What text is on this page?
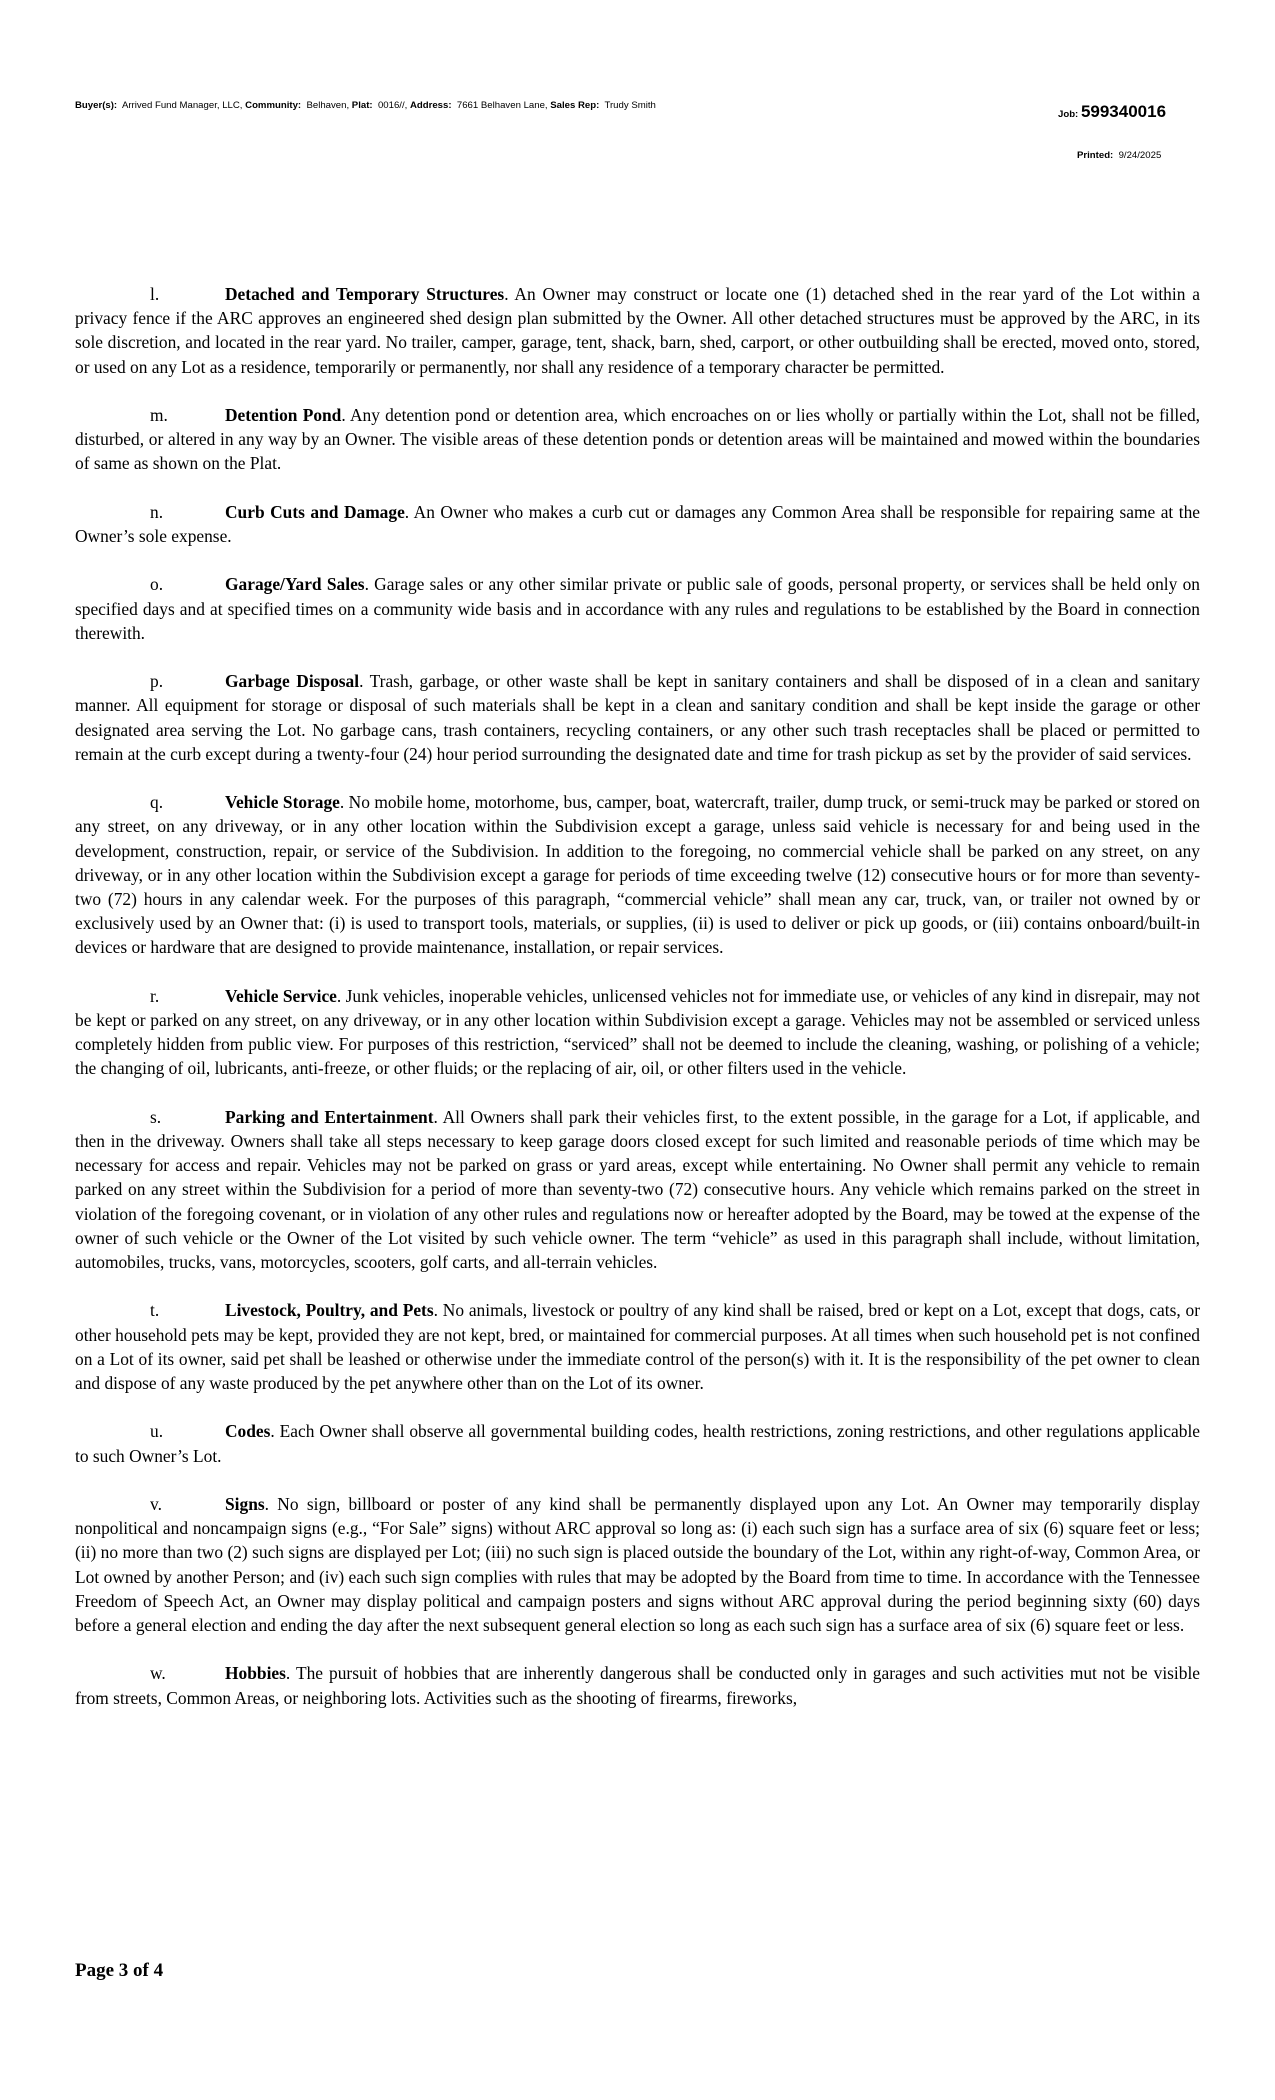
Buyer(s): Arrived Fund Manager, LLC, Community: Belhaven, Plat: 0016//, Address: 7661 Belhaven Lane, Sales Rep: Trudy Smith
Job: 599340016
Printed: 9/24/2025

l.	Detached and Temporary Structures. An Owner may construct or locate one (1) detached shed in the rear yard of the Lot within a privacy fence if the ARC approves an engineered shed design plan submitted by the Owner. All other detached structures must be approved by the ARC, in its sole discretion, and located in the rear yard. No trailer, camper, garage, tent, shack, barn, shed, carport, or other outbuilding shall be erected, moved onto, stored, or used on any Lot as a residence, temporarily or permanently, nor shall any residence of a temporary character be permitted.

m.	Detention Pond. Any detention pond or detention area, which encroaches on or lies wholly or partially within the Lot, shall not be filled, disturbed, or altered in any way by an Owner. The visible areas of these detention ponds or detention areas will be maintained and mowed within the boundaries of same as shown on the Plat.

n.	Curb Cuts and Damage. An Owner who makes a curb cut or damages any Common Area shall be responsible for repairing same at the Owner’s sole expense.

o.	Garage/Yard Sales. Garage sales or any other similar private or public sale of goods, personal property, or services shall be held only on specified days and at specified times on a community wide basis and in accordance with any rules and regulations to be established by the Board in connection therewith.

p.	Garbage Disposal. Trash, garbage, or other waste shall be kept in sanitary containers and shall be disposed of in a clean and sanitary manner. All equipment for storage or disposal of such materials shall be kept in a clean and sanitary condition and shall be kept inside the garage or other designated area serving the Lot. No garbage cans, trash containers, recycling containers, or any other such trash receptacles shall be placed or permitted to remain at the curb except during a twenty-four (24) hour period surrounding the designated date and time for trash pickup as set by the provider of said services.

q.	Vehicle Storage. No mobile home, motorhome, bus, camper, boat, watercraft, trailer, dump truck, or semi-truck may be parked or stored on any street, on any driveway, or in any other location within the Subdivision except a garage, unless said vehicle is necessary for and being used in the development, construction, repair, or service of the Subdivision. In addition to the foregoing, no commercial vehicle shall be parked on any street, on any driveway, or in any other location within the Subdivision except a garage for periods of time exceeding twelve (12) consecutive hours or for more than seventy-two (72) hours in any calendar week. For the purposes of this paragraph, “commercial vehicle” shall mean any car, truck, van, or trailer not owned by or exclusively used by an Owner that: (i) is used to transport tools, materials, or supplies, (ii) is used to deliver or pick up goods, or (iii) contains onboard/built-in devices or hardware that are designed to provide maintenance, installation, or repair services.

r.	Vehicle Service. Junk vehicles, inoperable vehicles, unlicensed vehicles not for immediate use, or vehicles of any kind in disrepair, may not be kept or parked on any street, on any driveway, or in any other location within Subdivision except a garage. Vehicles may not be assembled or serviced unless completely hidden from public view. For purposes of this restriction, “serviced” shall not be deemed to include the cleaning, washing, or polishing of a vehicle; the changing of oil, lubricants, anti-freeze, or other fluids; or the replacing of air, oil, or other filters used in the vehicle.

s.	Parking and Entertainment. All Owners shall park their vehicles first, to the extent possible, in the garage for a Lot, if applicable, and then in the driveway. Owners shall take all steps necessary to keep garage doors closed except for such limited and reasonable periods of time which may be necessary for access and repair. Vehicles may not be parked on grass or yard areas, except while entertaining. No Owner shall permit any vehicle to remain parked on any street within the Subdivision for a period of more than seventy-two (72) consecutive hours. Any vehicle which remains parked on the street in violation of the foregoing covenant, or in violation of any other rules and regulations now or hereafter adopted by the Board, may be towed at the expense of the owner of such vehicle or the Owner of the Lot visited by such vehicle owner. The term “vehicle” as used in this paragraph shall include, without limitation, automobiles, trucks, vans, motorcycles, scooters, golf carts, and all-terrain vehicles.

t.	Livestock, Poultry, and Pets. No animals, livestock or poultry of any kind shall be raised, bred or kept on a Lot, except that dogs, cats, or other household pets may be kept, provided they are not kept, bred, or maintained for commercial purposes. At all times when such household pet is not confined on a Lot of its owner, said pet shall be leashed or otherwise under the immediate control of the person(s) with it. It is the responsibility of the pet owner to clean and dispose of any waste produced by the pet anywhere other than on the Lot of its owner.

u.	Codes. Each Owner shall observe all governmental building codes, health restrictions, zoning restrictions, and other regulations applicable to such Owner’s Lot.

v.	Signs. No sign, billboard or poster of any kind shall be permanently displayed upon any Lot. An Owner may temporarily display nonpolitical and noncampaign signs (e.g., “For Sale” signs) without ARC approval so long as: (i) each such sign has a surface area of six (6) square feet or less; (ii) no more than two (2) such signs are displayed per Lot; (iii) no such sign is placed outside the boundary of the Lot, within any right-of-way, Common Area, or Lot owned by another Person; and (iv) each such sign complies with rules that may be adopted by the Board from time to time. In accordance with the Tennessee Freedom of Speech Act, an Owner may display political and campaign posters and signs without ARC approval during the period beginning sixty (60) days before a general election and ending the day after the next subsequent general election so long as each such sign has a surface area of six (6) square feet or less.

w.	Hobbies. The pursuit of hobbies that are inherently dangerous shall be conducted only in garages and such activities mut not be visible from streets, Common Areas, or neighboring lots. Activities such as the shooting of firearms, fireworks,

Page 3 of 4
